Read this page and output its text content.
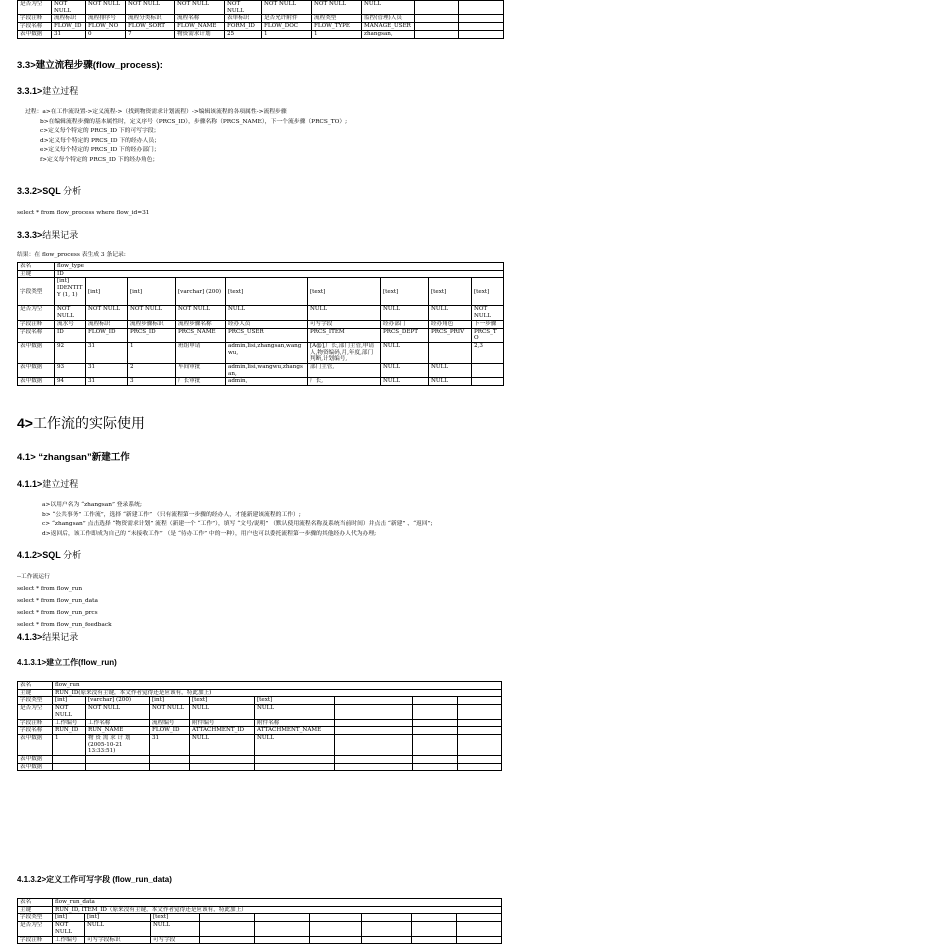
是否为空	NOT NULL	NOT NULL	NOT NULL	NOT NULL	NOT NULL	NOT NULL	NOT NULL	NULL		
字段注释	流程标识	流程排序号	流程分类标识	流程名称	表单标识	是否允许附件	流程类型	监控(管理)人员		
字段名称	FLOW_ID	FLOW_NO	FLOW_SORT	FLOW_NAME	FORM_ID	FLOW_DOC	FLOW_TYPE	MANAGE_USER		
表中数据	31	0	7	物资需求计划	25	1	1	zhangsan,		
3.3>建立流程步骤(flow_process):
3.3.1>建立过程
过程：a>在工作流设置->定义流程->（找到物资需求计划流程）->编辑该流程的各项属性->流程步骤
b>在编辑流程步骤的基本属性时，定义序号（PRCS_ID），步骤名称（PRCS_NAME），下一个流步骤（PRCS_TO）;
c>定义每个特定的 PRCS_ID 下的可写字段；
d>定义每个特定的 PRCS_ID 下的经办人员；
e>定义每个特定的 PRCS_ID 下的经办部门；
f>定义每个特定的 PRCS_ID 下的经办角色；
3.3.2>SQL 分析
select * from flow_process where flow_id=31
3.3.3>结果记录
结果：在 flow_process 表生成 3 条记录:
表名	flow_type								
主键	ID								
字段类型	[int] IDENTITY (1, 1)	[int]	[int]	[varchar] (200)	[text]	[text]	[text]	[text]	[text]
是否为空	NOT NULL	NOT NULL	NOT NULL	NOT NULL	NULL	NULL	NULL	NULL	NOT NULL
字段注释	流水号	流程标识	流程步骤标识	流程步骤名称	经办人员	可写字段	经办部门	经办角色	下一步骤
字段名称	ID	FLOW_ID	PRCS_ID	PRCS_NAME	PRCS_USER	PRCS_ITEM	PRCS_DEPT	PRCS_PRIV	PRCS_TO
表中数据	92	31	1	班组申请	admin,lisi,zhangsan,wangwu,	[A@],厂长,部门主管,申请人,物资编码,月,年度,部门判断,计划编号,	NULL		2,3
表中数据	93	31	2	车间审批	admin,lisi,wangwu,zhangsan,	部门主管,	NULL	NULL	
表中数据	94	31	3	厂长审批	admin,	厂长,	NULL	NULL	
4>工作流的实际使用
4.1> “zhangsan”新建工作
4.1.1>建立过程
a>以用户名为 “zhangsan” 登录系统;
b> “公共事务” 工作流”，选择 “新建工作” （只有流程第一步骤的经办人，才能新建该流程的工作）;
c> “zhangsan” 点击选择 “物资需求计划” 流程（新建一个 “工作”），填写 “文号/说明” （默认使用流程名称及系统当前时间）并点击 “新建” 、“返回”;
d>返回后，该工作即成为自己的 “未接收工作” （是 “待办工作” 中的一种），用户也可以委托流程第一步骤的其他经办人代为办理;
4.1.2>SQL 分析
--工作流运行
select * from flow_run
select * from flow_run_data
select * from flow_run_prcs
select * from flow_run_feedback
4.1.3>结果记录
4.1.3.1>建立工作(flow_run)
表名	flow_run							
主键	RUN_ID(原来没有主键，本文作者觉得还是应该有，特此加上)							
字段类型	[int]	[varchar] (200)	[int]	[text]	[text]			
是否为空	NOT NULL	NOT NULL	NOT NULL	NULL	NULL			
字段注释	工作编号	工作名称	流程编号	附件编号	附件名称			
字段名称	RUN_ID	RUN_NAME	FLOW_ID	ATTACHMENT_ID	ATTACHMENT_NAME			
表中数据	1	物 资 需 求 计 划 (2005-10-21 13:33:51)	31	NULL	NULL			
表中数据								
表中数据								
4.1.3.2>定义工作可写字段 (flow_run_data)
表名	flow_run_data								
主键	RUN_ID, ITEM_ID（原来没有主键，本文作者觉得还是应该有，特此加上）								
字段类型	[int]	[int]	[text]						
是否为空	NOT NULL	NULL	NULL						
字段注释	工作编号	可写字段标识	可写字段						
